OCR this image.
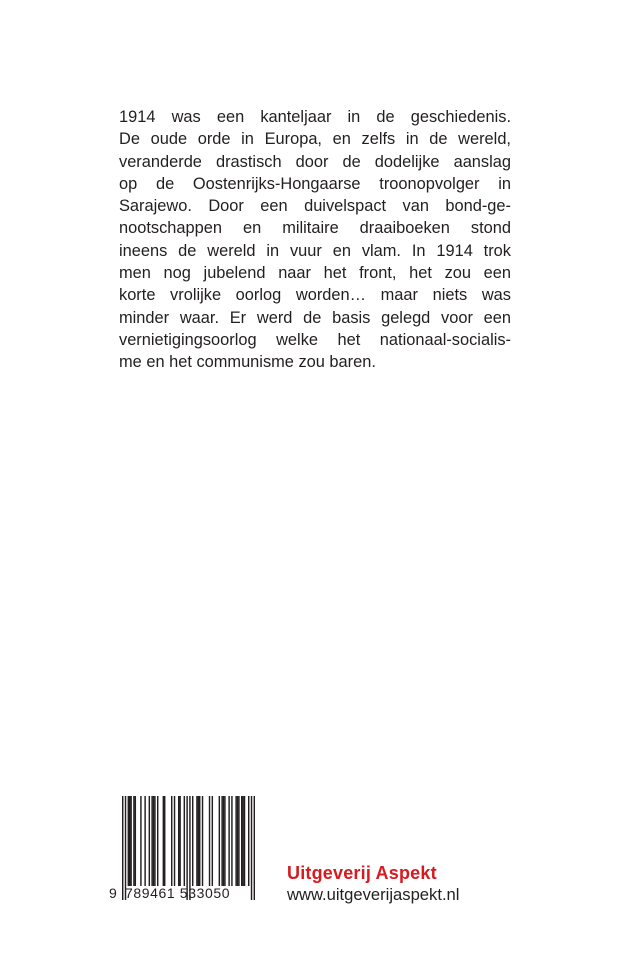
1914 was een kanteljaar in de geschiedenis.
De oude orde in Europa, en zelfs in de wereld,
veranderde drastisch door de dodelijke aanslag
op de Oostenrijks-Hongaarse troonopvolger in
Sarajewo. Door een duivelspact van bond-ge-
nootschappen en militaire draaiboeken stond
ineens de wereld in vuur en vlam. In 1914 trok
men nog jubelend naar het front, het zou een
korte vrolijke oorlog worden… maar niets was
minder waar. Er werd de basis gelegd voor een
vernietigingsoorlog welke het nationaal-socialis-
me en het communisme zou baren.
9 789461 533050
Uitgeverij Aspekt
www.uitgeverijaspekt.nl
